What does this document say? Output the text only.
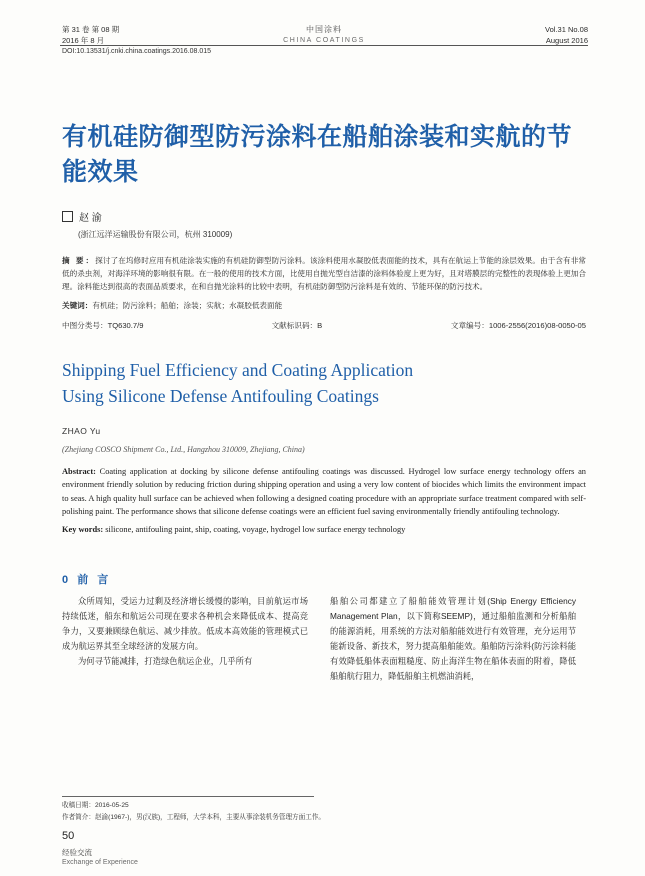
第 31 卷 第 08 期
2016 年 8 月
中国涂料
CHINA COATINGS
Vol.31 No.08
August 2016
DOI:10.13531/j.cnki.china.coatings.2016.08.015
有机硅防御型防污涂料在船舶涂装和实航的节能效果
赵 渝
(浙江远洋运输股份有限公司，杭州 310009)
摘 要：探讨了在坞修时应用有机硅涂装实施的有机硅防御型防污涂料。该涂料使用水凝胶低表面能的技术，具有在航运上节能的涂层效果。由于含有非常低的杀虫剂，对海洋环境的影响很有限。在一般的使用的技术方面，比使用自抛光型自洁漆的涂料体验度上更为好，且对塔膜层的完整性的表现体验上更加合理。涂料能达到很高的表面品质要求，在和自抛光涂料的比较中表明，有机硅防御型防污涂料是有效的、节能环保的防污技术。
关键词：有机硅；防污涂料；船舶；涂装；实航；水凝胶低表面能
中图分类号：TQ630.7/9	文献标识码：B	文章编号：1006-2556(2016)08-0050-05
Shipping Fuel Efficiency and Coating Application
Using Silicone Defense Antifouling Coatings
ZHAO Yu
(Zhejiang COSCO Shipment Co., Ltd., Hangzhou 310009, Zhejiang, China)
Abstract: Coating application at docking by silicone defense antifouling coatings was discussed. Hydrogel low surface energy technology offers an environment friendly solution by reducing friction during shipping operation and using a very low content of biocides which limits the environment impact to seas. A high quality hull surface can be achieved when following a designed coating procedure with an appropriate surface treatment compared with self-polishing paint. The performance shows that silicone defense coatings were an efficient fuel saving environmentally friendly antifouling technology.
Key words: silicone, antifouling paint, ship, coating, voyage, hydrogel low surface energy technology
0 前 言

众所周知，受运力过剩及经济增长缓慢的影响，目前航运市场持续低迷，船东和航运公司现在要求各种机会来降低成本、提高竞争力，又要兼顾绿色航运、减少排放。低成本高效能的管理模式已成为航运界其至全球经济的发展方向。

为何寻节能减排，打造绿色航运企业，几乎所有

船舶公司都建立了船舶能效管理计划(Ship Energy Efficiency Management Plan，以下简称SEEMP)，通过船舶监测和分析船舶的能源消耗，用系统的方法对船舶能效进行有效管理，充分运用节能新设备、新技术，努力提高船舶能效。船舶防污涂料(防污涂料能有效降低船体表面粗糙度、防止海洋生物在船体表面的附着，降低船舶航行阻力，降低船舶主机燃油消耗，

收稿日期：2016-05-25
作者简介：赵渝(1967-)，男(汉族)，工程师，大学本科，主要从事涂装机务管理方面工作。
50
经验交流
Exchange of Experience
